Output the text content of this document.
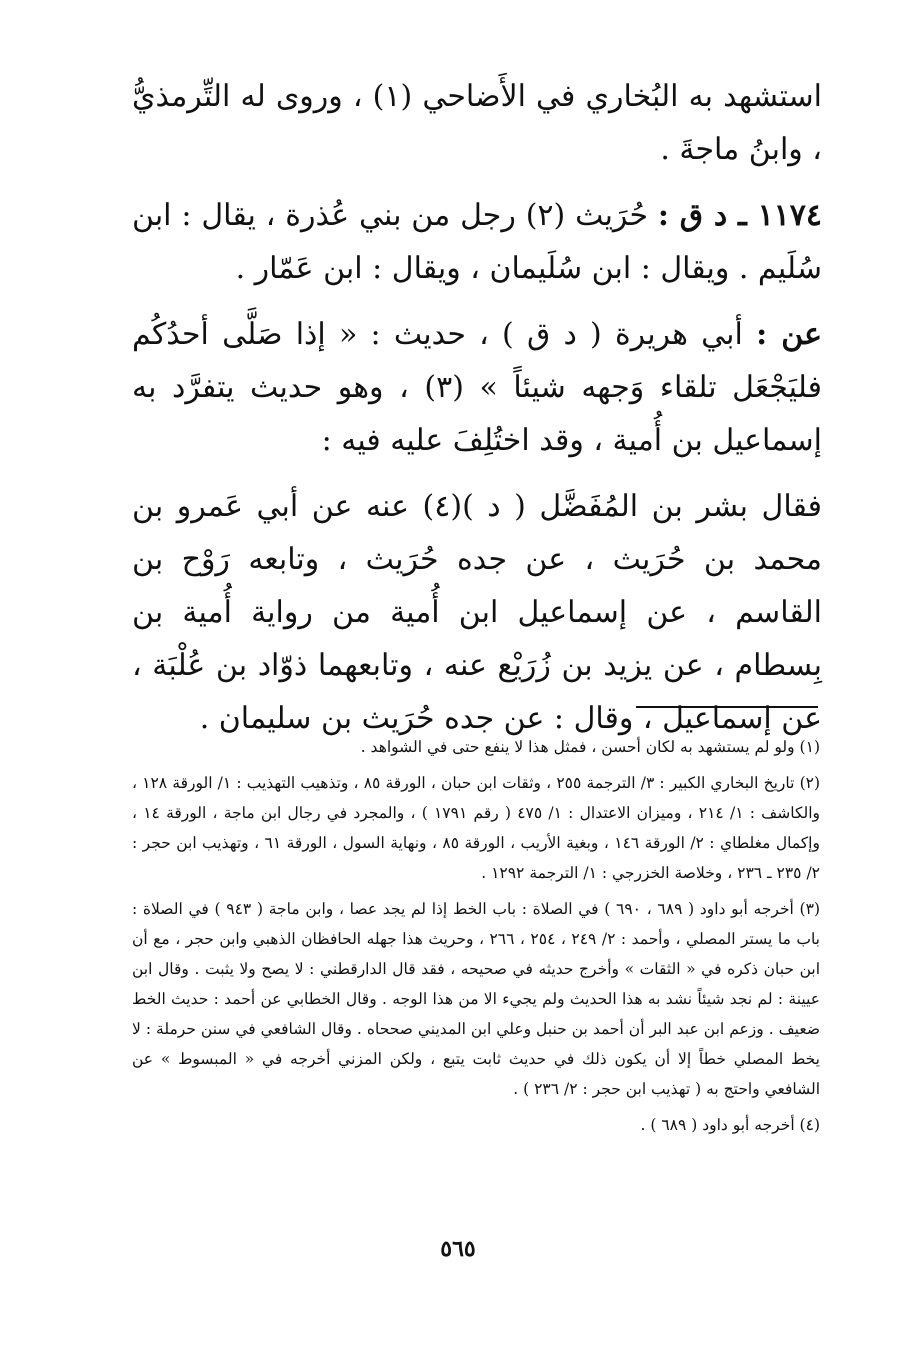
استشهد به البُخاري في الأَضاحي (١) ، وروى له التِّرمذيُّ ، وابنُ ماجةَ .

١١٧٤ ـ د ق : حُرَيث (٢) رجل من بني عُذرة ، يقال : ابن سُلَيم . ويقال : ابن سُلَيمان ، ويقال : ابن عَمّار .

عن : أبي هريرة ( د ق ) ، حديث : « إذا صَلَّى أحدُكُم فليَجْعَل تلقاء وَجهه شيئاً » (٣) ، وهو حديث يتفرَّد به إسماعيل بن أُمية ، وقد اختُلِفَ عليه فيه :

فقال بشر بن المُفَضَّل ( د )(٤) عنه عن أبي عَمرو بن محمد بن حُرَيث ، عن جده حُرَيث ، وتابعه رَوْح بن القاسم ، عن إسماعيل ابن أُمية من رواية أُمية بن بِسطام ، عن يزيد بن زُرَيْع عنه ، وتابعهما ذوّاد بن عُلْبَة ، عن إسماعيل ، وقال : عن جده حُرَيث بن سليمان .

(١) ولو لم يستشهد به لكان أحسن ، فمثل هذا لا ينفع حتى في الشواهد .

(٢) تاريخ البخاري الكبير : ٣/ الترجمة ٢٥٥ ، وثقات ابن حبان ، الورقة ٨٥ ، وتذهيب التهذيب : ١/ الورقة ١٢٨ ، والكاشف : ١/ ٢١٤ ، وميزان الاعتدال : ١/ ٤٧٥ ( رقم ١٧٩١ ) ، والمجرد في رجال ابن ماجة ، الورقة ١٤ ، وإكمال مغلطاي : ٢/ الورقة ١٤٦ ، وبغية الأريب ، الورقة ٨٥ ، ونهاية السول ، الورقة ٦١ ، وتهذيب ابن حجر : ٢/ ٢٣٥ ـ ٢٣٦ ، وخلاصة الخزرجي : ١/ الترجمة ١٢٩٢ .

(٣) أخرجه أبو داود ( ٦٨٩ ، ٦٩٠ ) في الصلاة : باب الخط إذا لم يجد عصا ، وابن ماجة ( ٩٤٣ ) في الصلاة : باب ما يستر المصلي ، وأحمد : ٢/ ٢٤٩ ، ٢٥٤ ، ٢٦٦ ، وحريث هذا جهله الحافظان الذهبي وابن حجر ، مع أن ابن حبان ذكره في « الثقات » وأخرج حديثه في صحيحه ، فقد قال الدارقطني : لا يصح ولا يثبت . وقال ابن عيينة : لم نجد شيئاً نشد به هذا الحديث ولم يجيء الا من هذا الوجه . وقال الخطابي عن أحمد : حديث الخط ضعيف . وزعم ابن عبد البر أن أحمد بن حنبل وعلي ابن المديني صححاه . وقال الشافعي في سنن حرملة : لا يخط المصلي خطاً إلا أن يكون ذلك في حديث ثابت يتبع ، ولكن المزني أخرجه في « المبسوط » عن الشافعي واحتج به ( تهذيب ابن حجر : ٢/ ٢٣٦ ) .

(٤) أخرجه أبو داود ( ٦٨٩ ) .

٥٦٥
